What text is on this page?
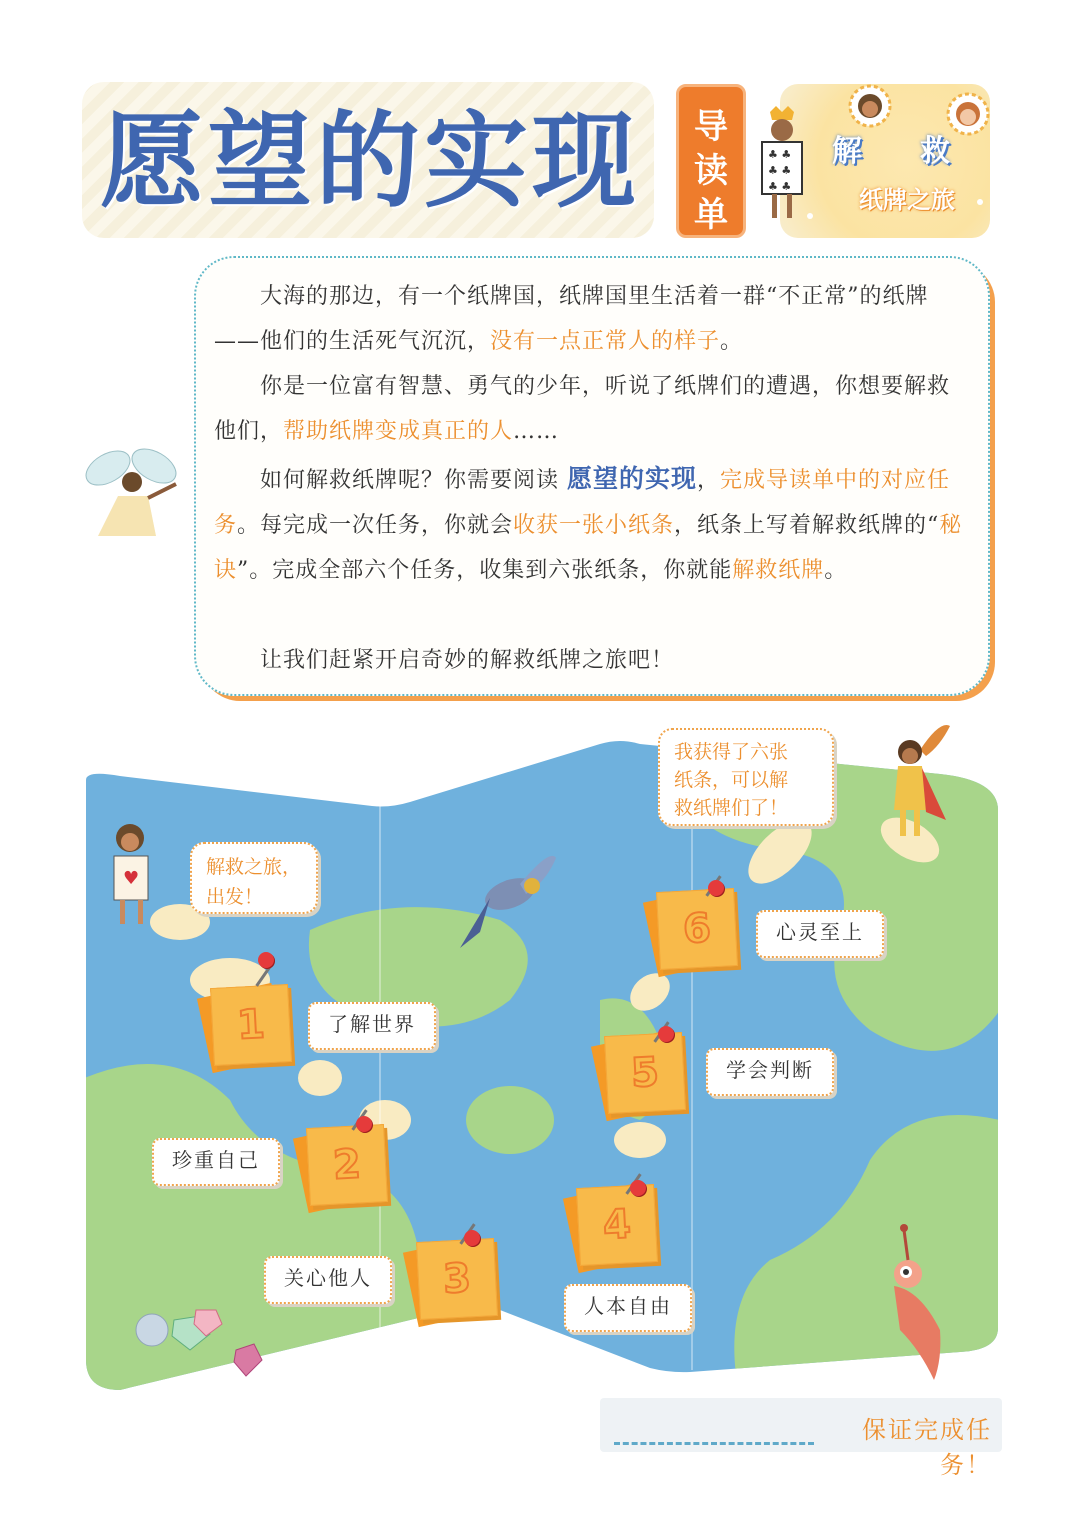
愿望的实现	导
读
单
解 救
纸牌之旅
♣ ♣
♣ ♣
♣ ♣
大海的那边，有一个纸牌国，纸牌国里生活着一群“不正常”的纸牌——他们的生活死气沉沉，没有一点正常人的样子。
你是一位富有智慧、勇气的少年，听说了纸牌们的遭遇，你想要解救他们，帮助纸牌变成真正的人……
如何解救纸牌呢？你需要阅读 愿望的实现，完成导读单中的对应任务。每完成一次任务，你就会收获一张小纸条，纸条上写着解救纸牌的“秘诀”。完成全部六个任务，收集到六张纸条，你就能解救纸牌。
让我们赶紧开启奇妙的解救纸牌之旅吧！
♥
解救之旅，
出发！
我获得了六张
纸条，可以解
救纸牌们了！
1	了解世界
2
珍重自己
3
关心他人
4
人本自由
5	学会判断
6	心灵至上
保证完成任务！
